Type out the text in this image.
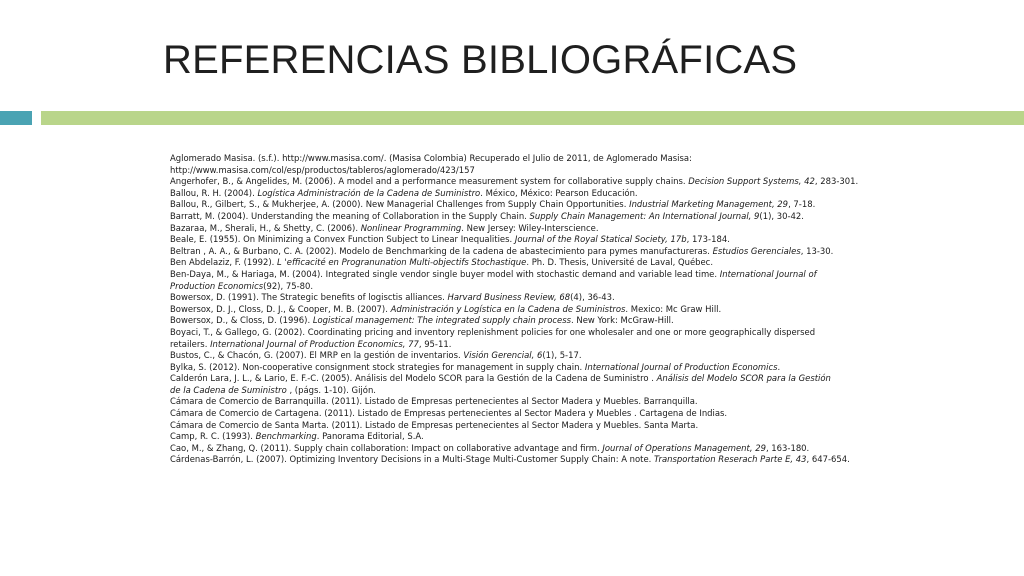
REFERENCIAS BIBLIOGRÁFICAS
Aglomerado Masisa. (s.f.). http://www.masisa.com/. (Masisa Colombia) Recuperado el Julio de 2011, de Aglomerado Masisa:
http://www.masisa.com/col/esp/productos/tableros/aglomerado/423/157
Angerhofer, B., & Angelides, M. (2006). A model and a performance measurement system for collaborative supply chains. Decision Support Systems, 42, 283-301.
Ballou, R. H. (2004). Logística Administración de la Cadena de Suministro. México, México: Pearson Educación.
Ballou, R., Gilbert, S., & Mukherjee, A. (2000). New Managerial Challenges from Supply Chain Opportunities. Industrial Marketing Management, 29, 7-18.
Barratt, M. (2004). Understanding the meaning of Collaboration in the Supply Chain. Supply Chain Management: An International Journal, 9(1), 30-42.
Bazaraa, M., Sherali, H., & Shetty, C. (2006). Nonlinear Programming. New Jersey: Wiley-Interscience.
Beale, E. (1955). On Minimizing a Convex Function Subject to Linear Inequalities. Journal of the Royal Statical Society, 17b, 173-184.
Beltran , A. A., & Burbano, C. A. (2002). Modelo de Benchmarking de la cadena de abastecimiento para pymes manufactureras. Estudios Gerenciales, 13-30.
Ben Abdelaziz, F. (1992). L 'efficacité en Progranunation Multi-objectifs Stochastique. Ph. D. Thesis, Université de Laval, Québec.
Ben-Daya, M., & Hariaga, M. (2004). Integrated single vendor single buyer model with stochastic demand and variable lead time. International Journal of
Production Economics(92), 75-80.
Bowersox, D. (1991). The Strategic benefits of logisctis alliances. Harvard Business Review, 68(4), 36-43.
Bowersox, D. J., Closs, D. J., & Cooper, M. B. (2007). Administración y Logística en la Cadena de Suministros. Mexico: Mc Graw Hill.
Bowersox, D., & Closs, D. (1996). Logistical management: The integrated supply chain process. New York: McGraw-Hill.
Boyaci, T., & Gallego, G. (2002). Coordinating pricing and inventory replenishment policies for one wholesaler and one or more geographically dispersed
retailers. International Journal of Production Economics, 77, 95-11.
Bustos, C., & Chacón, G. (2007). El MRP en la gestión de inventarios. Visión Gerencial, 6(1), 5-17.
Bylka, S. (2012). Non-cooperative consignment stock strategies for management in supply chain. International Journal of Production Economics.
Calderón Lara, J. L., & Lario, E. F.-C. (2005). Análisis del Modelo SCOR para la Gestión de la Cadena de Suministro . Análisis del Modelo SCOR para la Gestión
de la Cadena de Suministro , (págs. 1-10). Gijón.
Cámara de Comercio de Barranquilla. (2011). Listado de Empresas pertenecientes al Sector Madera y Muebles. Barranquilla.
Cámara de Comercio de Cartagena. (2011). Listado de Empresas pertenecientes al Sector Madera y Muebles . Cartagena de Indias.
Cámara de Comercio de Santa Marta. (2011). Listado de Empresas pertenecientes al Sector Madera y Muebles. Santa Marta.
Camp, R. C. (1993). Benchmarking. Panorama Editorial, S.A.
Cao, M., & Zhang, Q. (2011). Supply chain collaboration: Impact on collaborative advantage and firm. Journal of Operations Management, 29, 163-180.
Cárdenas-Barrón, L. (2007). Optimizing Inventory Decisions in a Multi-Stage Multi-Customer Supply Chain: A note. Transportation Reserach Parte E, 43, 647-654.
